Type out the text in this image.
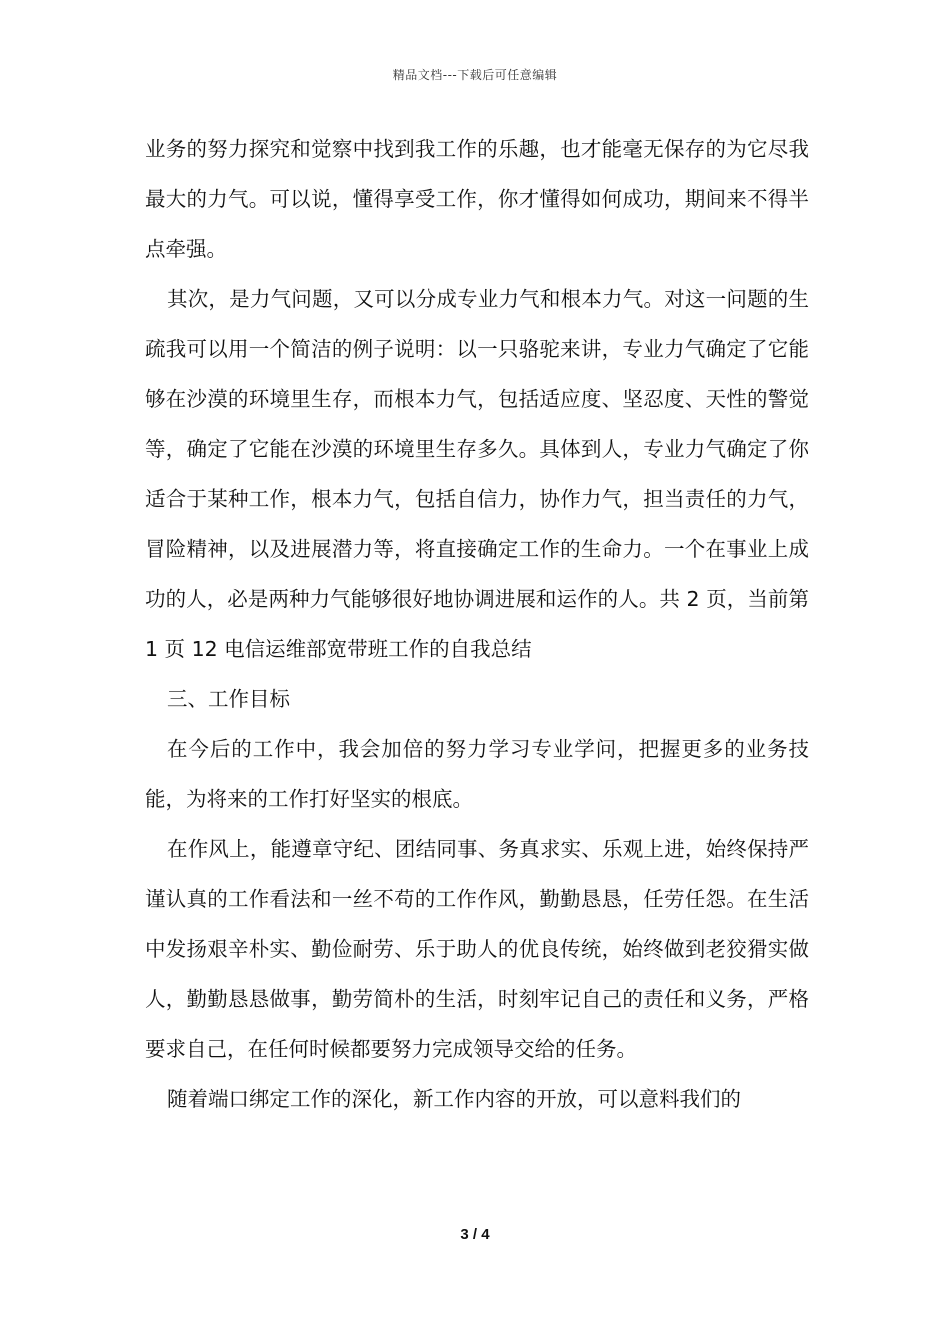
精品文档---下载后可任意编辑

业务的努力探究和觉察中找到我工作的乐趣，也才能毫无保存的为它尽我最大的力气。可以说，懂得享受工作，你才懂得如何成功，期间来不得半点牵强。

其次，是力气问题，又可以分成专业力气和根本力气。对这一问题的生疏我可以用一个简洁的例子说明：以一只骆驼来讲，专业力气确定了它能够在沙漠的环境里生存，而根本力气，包括适应度、坚忍度、天性的警觉等，确定了它能在沙漠的环境里生存多久。具体到人，专业力气确定了你适合于某种工作，根本力气，包括自信力，协作力气，担当责任的力气，冒险精神，以及进展潜力等，将直接确定工作的生命力。一个在事业上成功的人，必是两种力气能够很好地协调进展和运作的人。共 2 页，当前第 1 页 12 电信运维部宽带班工作的自我总结

三、工作目标

在今后的工作中，我会加倍的努力学习专业学问，把握更多的业务技能，为将来的工作打好坚实的根底。

在作风上，能遵章守纪、团结同事、务真求实、乐观上进，始终保持严谨认真的工作看法和一丝不苟的工作作风，勤勤恳恳，任劳任怨。在生活中发扬艰辛朴实、勤俭耐劳、乐于助人的优良传统，始终做到老狡猾实做人，勤勤恳恳做事，勤劳简朴的生活，时刻牢记自己的责任和义务，严格要求自己，在任何时候都要努力完成领导交给的任务。

随着端口绑定工作的深化，新工作内容的开放，可以意料我们的

3 / 4
